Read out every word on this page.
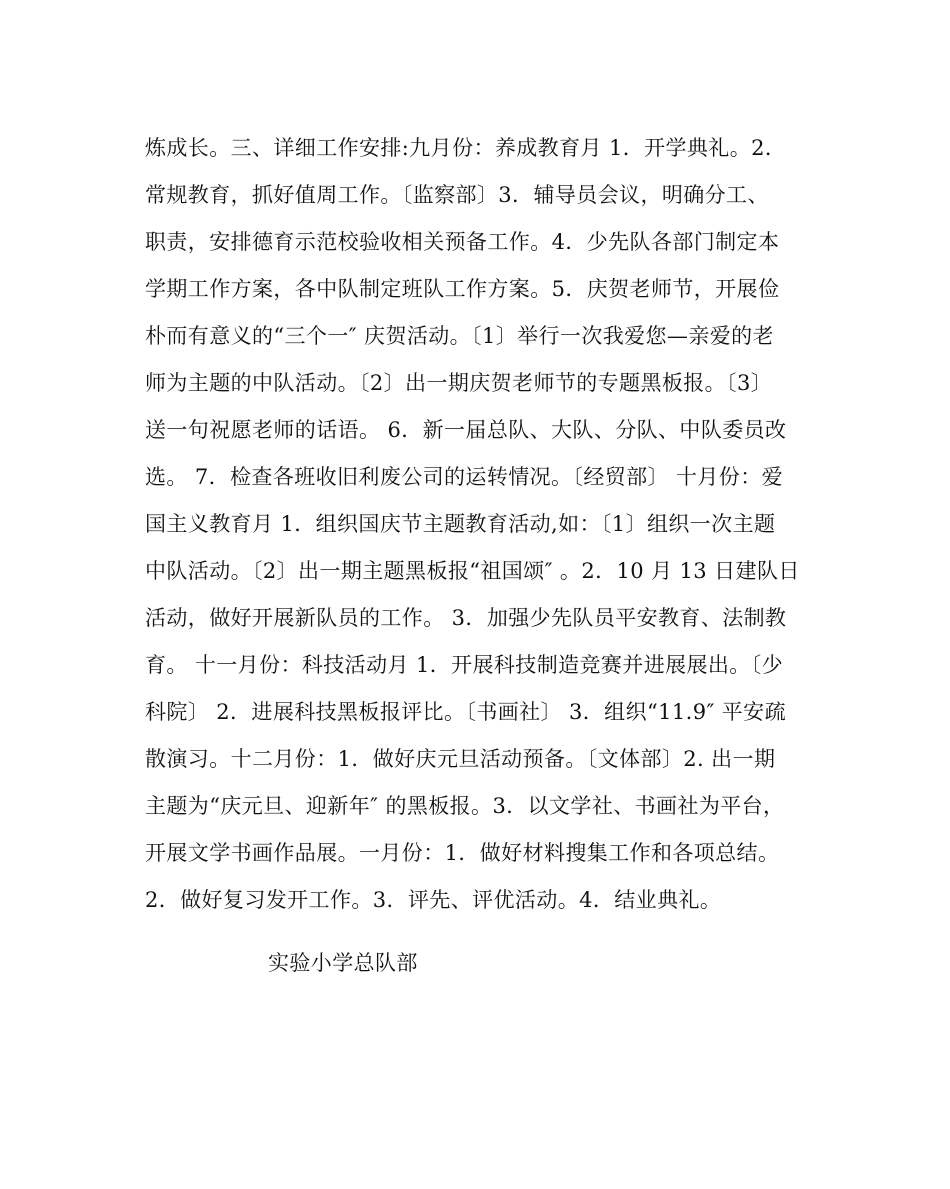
炼成长。三、详细工作安排:九月份：养成教育月 1．开学典礼。2．

常规教育，抓好值周工作。〔监察部〕3．辅导员会议，明确分工、

职责，安排德育示范校验收相关预备工作。4．少先队各部门制定本

学期工作方案，各中队制定班队工作方案。5．庆贺老师节，开展俭

朴而有意义的“三个一″ 庆贺活动。〔1〕举行一次我爱您—亲爱的老

师为主题的中队活动。〔2〕出一期庆贺老师节的专题黑板报。〔3〕

送一句祝愿老师的话语。 6．新一届总队、大队、分队、中队委员改

选。 7．检查各班收旧利废公司的运转情况。〔经贸部〕 十月份：爱

国主义教育月 1．组织国庆节主题教育活动,如：〔1〕组织一次主题

中队活动。〔2〕出一期主题黑板报“祖国颂″ 。2．10 月 13 日建队日

活动，做好开展新队员的工作。 3．加强少先队员平安教育、法制教

育。 十一月份：科技活动月 1．开展科技制造竞赛并进展展出。〔少

科院〕 2．进展科技黑板报评比。〔书画社〕 3．组织“11.9″ 平安疏

散演习。十二月份：1．做好庆元旦活动预备。〔文体部〕2. 出一期

主题为“庆元旦、迎新年″ 的黑板报。3．以文学社、书画社为平台，

开展文学书画作品展。一月份：1．做好材料搜集工作和各项总结。

2．做好复习发开工作。3．评先、评优活动。4．结业典礼。

实验小学总队部
